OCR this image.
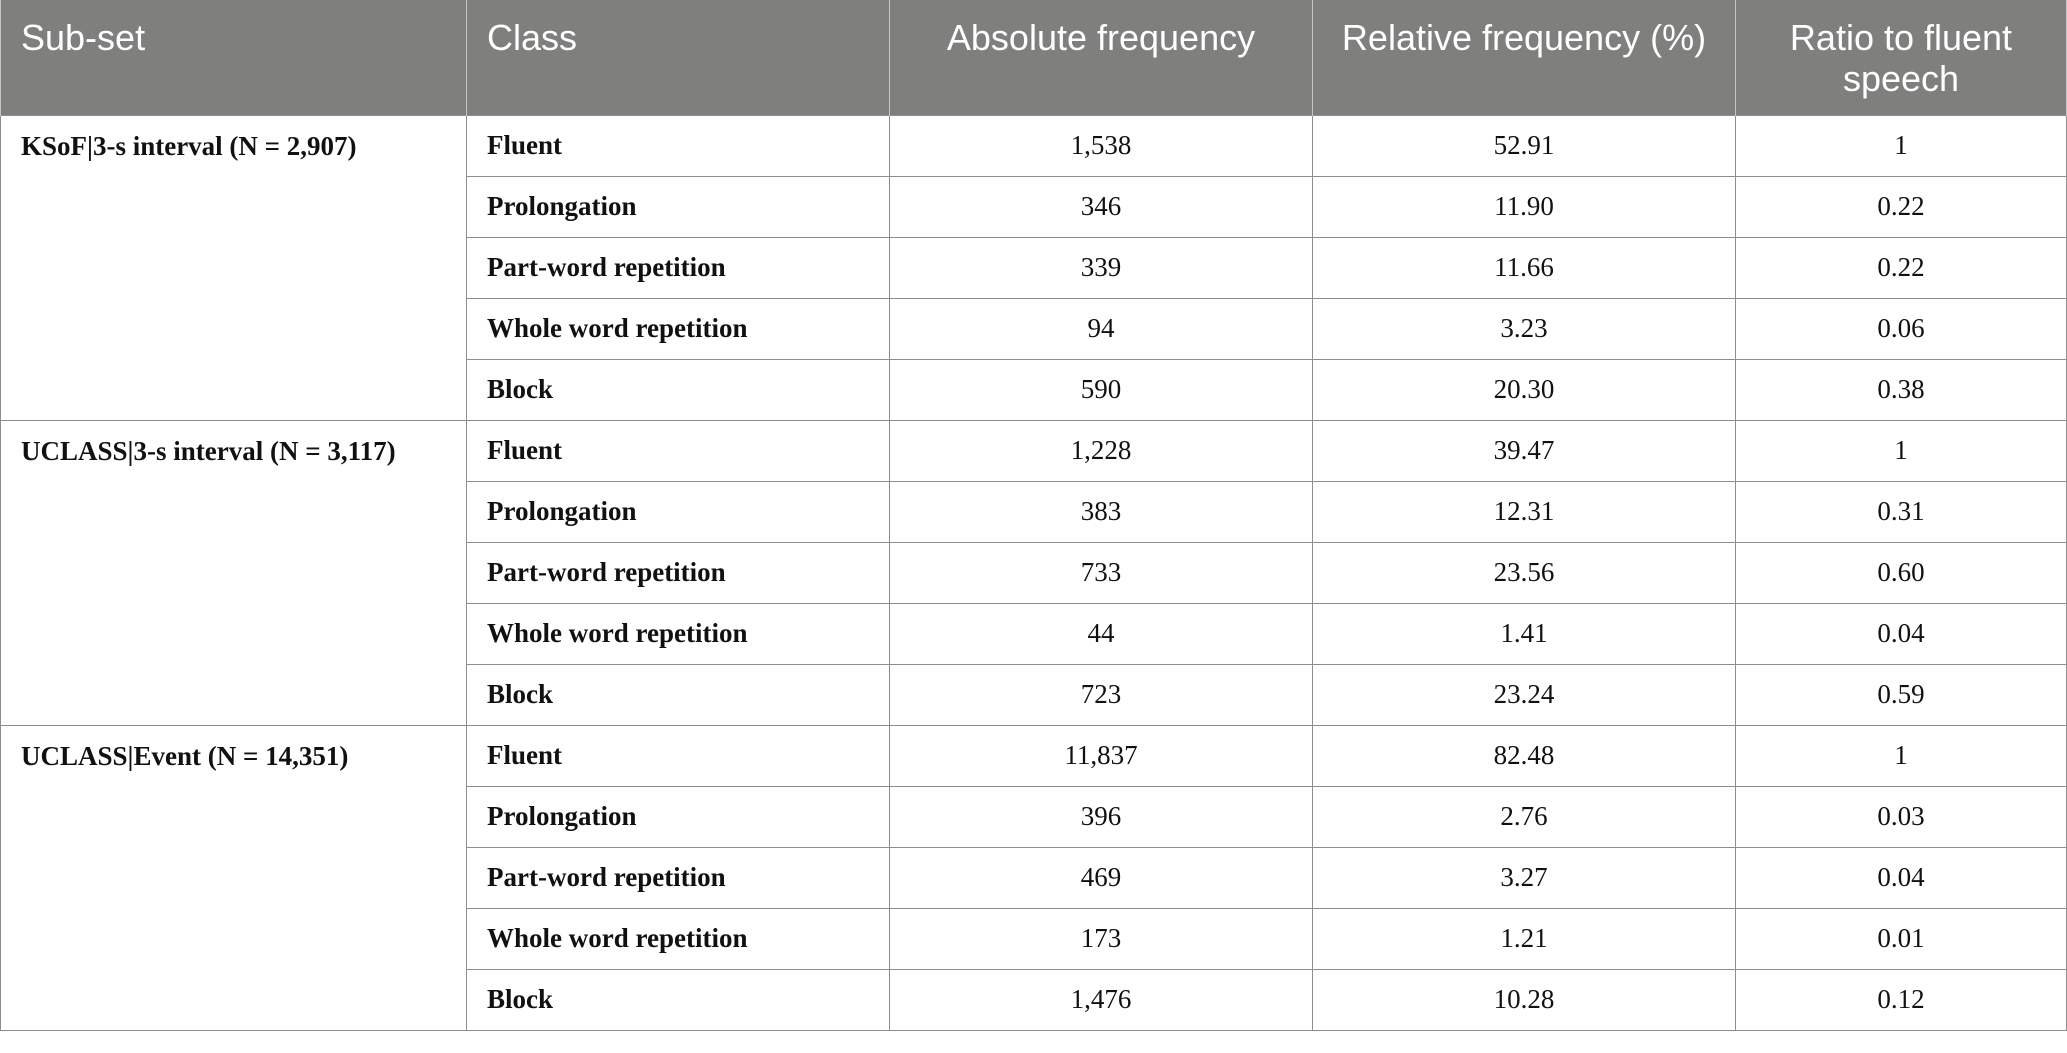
Sub-set	Class	Absolute frequency	Relative frequency (%)	Ratio to fluent speech
KSoF|3-s interval (N = 2,907)	Fluent	1,538	52.91	1
	Prolongation	346	11.90	0.22
	Part-word repetition	339	11.66	0.22
	Whole word repetition	94	3.23	0.06
	Block	590	20.30	0.38
UCLASS|3-s interval (N = 3,117)	Fluent	1,228	39.47	1
	Prolongation	383	12.31	0.31
	Part-word repetition	733	23.56	0.60
	Whole word repetition	44	1.41	0.04
	Block	723	23.24	0.59
UCLASS|Event (N = 14,351)	Fluent	11,837	82.48	1
	Prolongation	396	2.76	0.03
	Part-word repetition	469	3.27	0.04
	Whole word repetition	173	1.21	0.01
	Block	1,476	10.28	0.12
